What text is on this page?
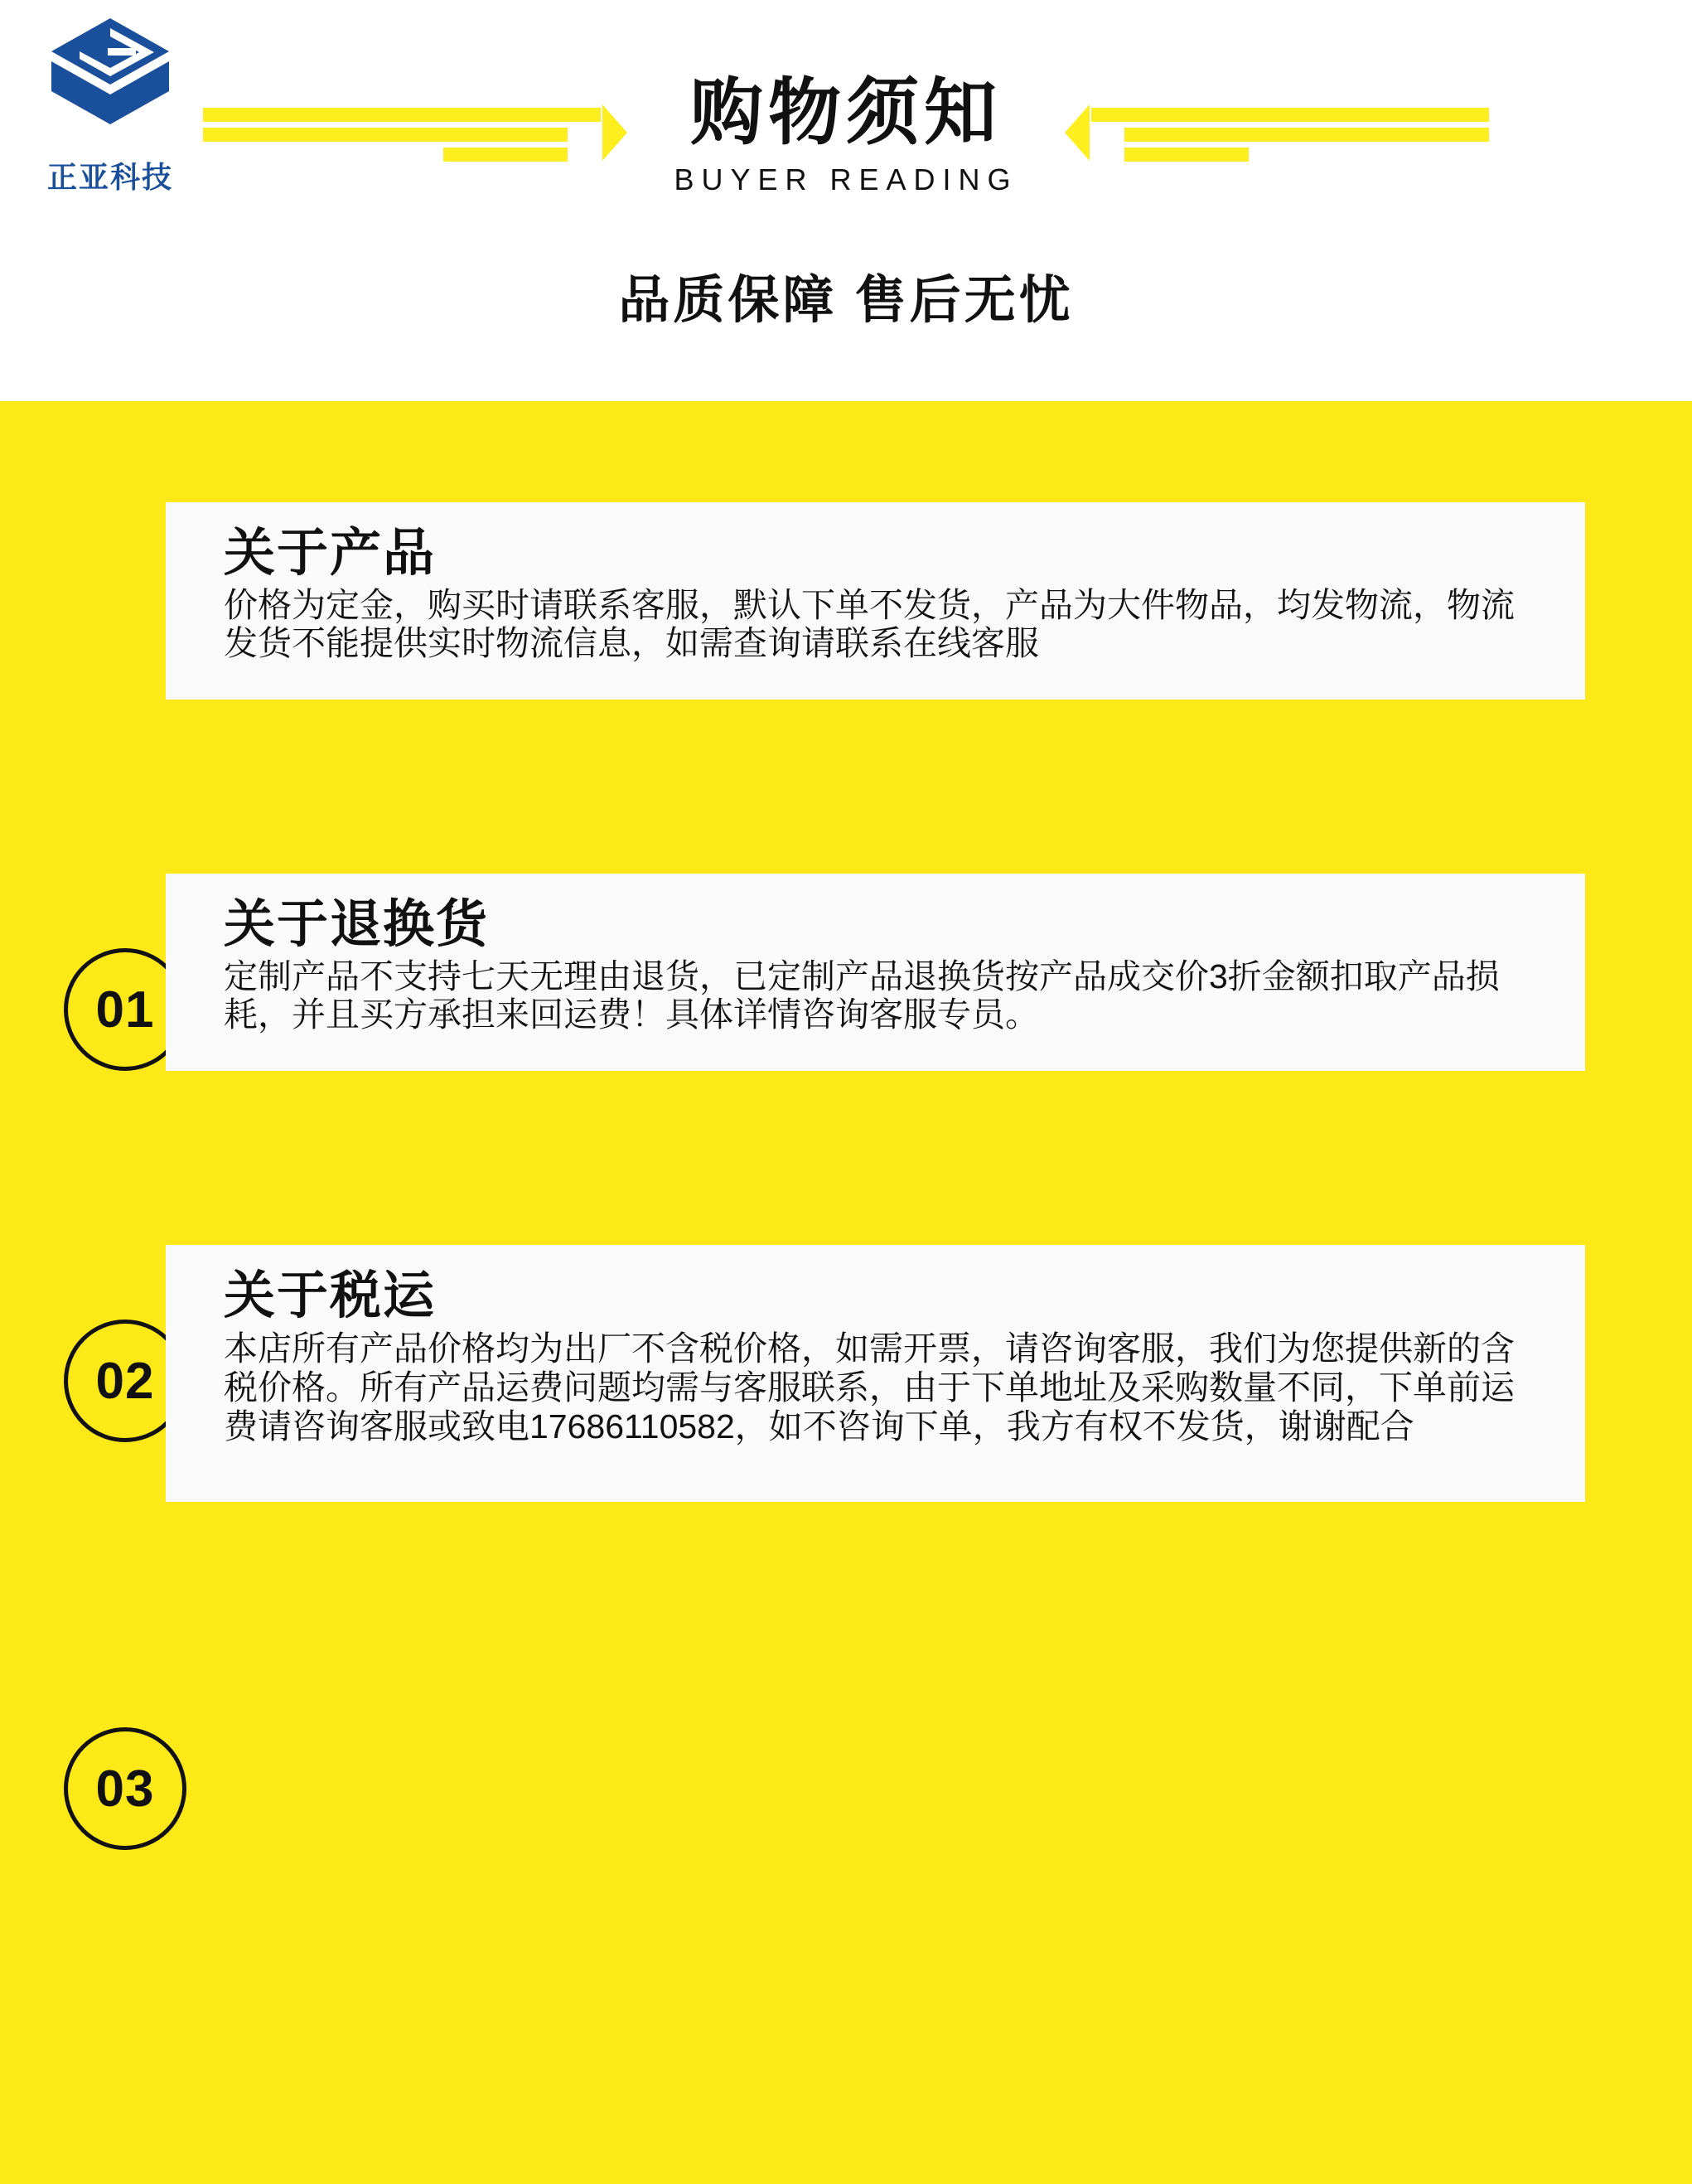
正亚科技
购物须知
BUYER READING
品质保障 售后无忧
关于产品
价格为定金，购买时请联系客服，默认下单不发货，产品为大件物品，均发物流，物流发货不能提供实时物流信息，如需查询请联系在线客服
01
关于退换货
定制产品不支持七天无理由退货，已定制产品退换货按产品成交价3折金额扣取产品损耗，并且买方承担来回运费！具体详情咨询客服专员。
02
关于税运
本店所有产品价格均为出厂不含税价格，如需开票，请咨询客服，我们为您提供新的含税价格。所有产品运费问题均需与客服联系，由于下单地址及采购数量不同，下单前运费请咨询客服或致电17686110582，如不咨询下单，我方有权不发货，谢谢配合
03
